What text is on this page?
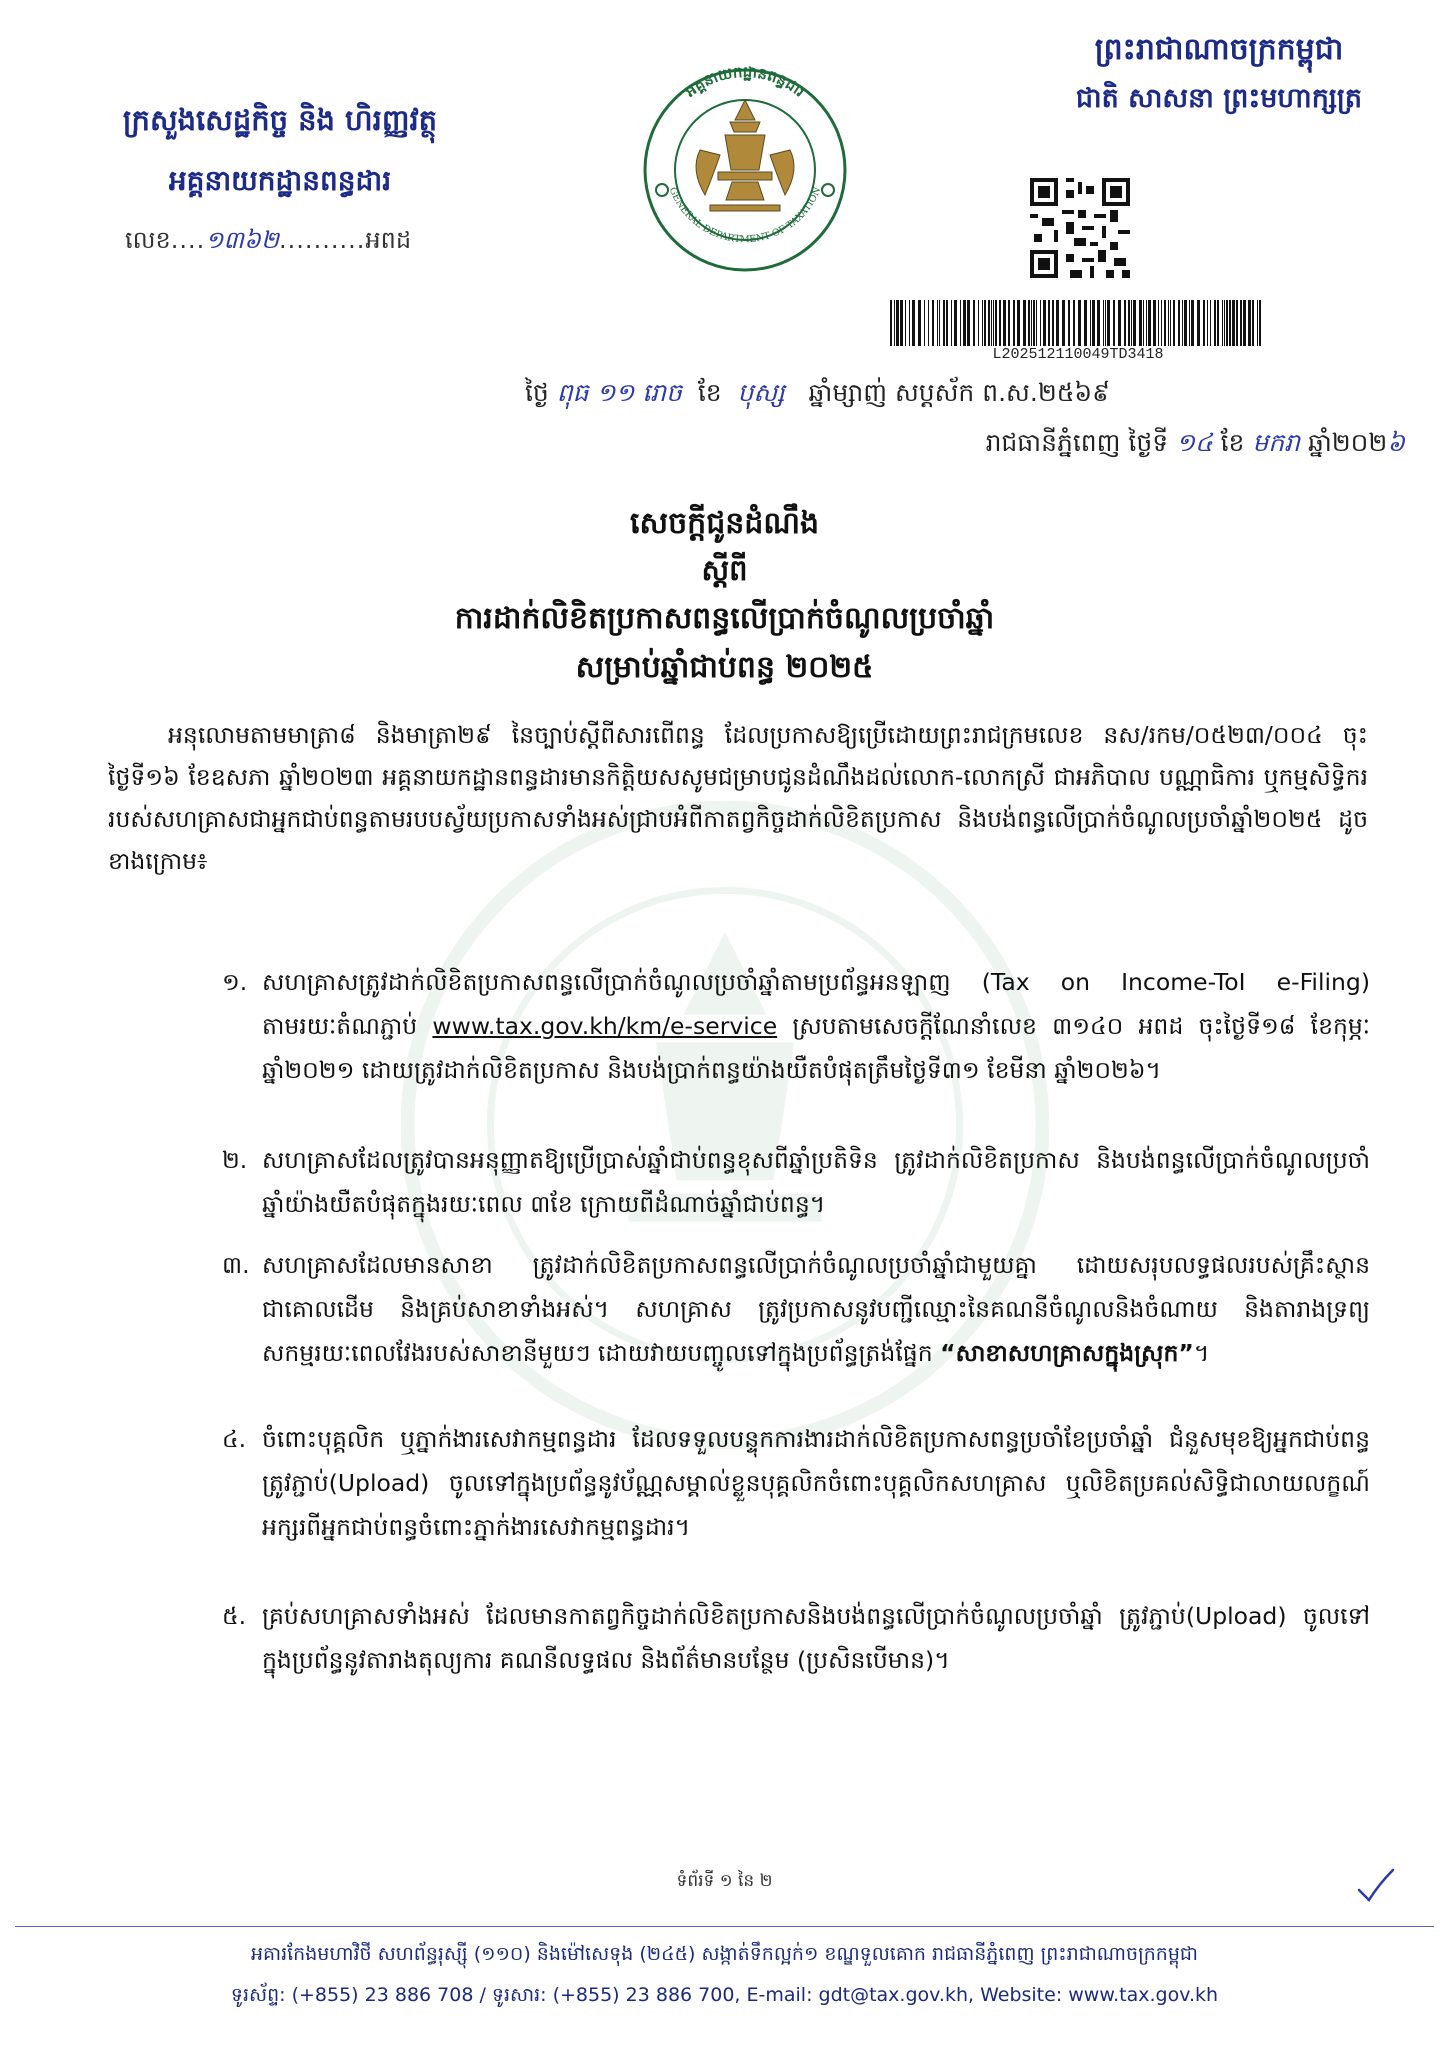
ព្រះរាជាណាចក្រកម្ពុជា
ជាតិ សាសនា ព្រះមហាក្សត្រ
ក្រសួងសេដ្ឋកិច្ច និង ហិរញ្ញវត្ថុ
អគ្គនាយកដ្ឋានពន្ធដារ
លេខ....១៣៦២..........អពដ
អគ្គនាយកដ្ឋានពន្ធដារ
GENERAL DEPARTMENT OF TAXATION
L202512110049TD3418
ថ្ងៃ ពុធ ១១ រោច ខែ បុស្ស ឆ្នាំម្សាញ់ សប្តស័ក ព.ស.២៥៦៩
រាជធានីភ្នំពេញ ថ្ងៃទី ១៤ ខែ មករា ឆ្នាំ២០២៦
សេចក្តីជូនដំណឹង
ស្តីពី
ការដាក់លិខិតប្រកាសពន្ធលើប្រាក់ចំណូលប្រចាំឆ្នាំ
សម្រាប់ឆ្នាំជាប់ពន្ធ ២០២៥
អនុលោមតាមមាត្រា៨ និងមាត្រា២៩ នៃច្បាប់ស្តីពីសារពើពន្ធ ដែលប្រកាសឱ្យប្រើដោយព្រះរាជក្រមលេខ នស/រកម/០៥២៣/០០៤ ចុះថ្ងៃទី១៦ ខែឧសភា ឆ្នាំ២០២៣ អគ្គនាយកដ្ឋានពន្ធដារមានកិត្តិយសសូមជម្រាបជូនដំណឹងដល់លោក-លោកស្រី ជាអភិបាល បណ្ណាធិការ ឬកម្មសិទ្ធិកររបស់សហគ្រាសជាអ្នកជាប់ពន្ធតាមរបបស្វ័យប្រកាសទាំងអស់ជ្រាបអំពីកាតព្វកិច្ចដាក់លិខិតប្រកាស និងបង់ពន្ធលើប្រាក់ចំណូលប្រចាំឆ្នាំ២០២៥ ដូចខាងក្រោម៖
១. សហគ្រាសត្រូវដាក់លិខិតប្រកាសពន្ធលើប្រាក់ចំណូលប្រចាំឆ្នាំតាមប្រព័ន្ធអនឡាញ (Tax on Income-ToI e-Filing) តាមរយៈតំណភ្ជាប់ www.tax.gov.kh/km/e-service ស្របតាមសេចក្តីណែនាំលេខ ៣១៤០ អពដ ចុះថ្ងៃទី១៨ ខែកុម្ភៈ ឆ្នាំ២០២១ ដោយត្រូវដាក់លិខិតប្រកាស និងបង់ប្រាក់ពន្ធយ៉ាងយឺតបំផុតត្រឹមថ្ងៃទី៣១ ខែមីនា ឆ្នាំ២០២៦។
២. សហគ្រាសដែលត្រូវបានអនុញ្ញាតឱ្យប្រើប្រាស់ឆ្នាំជាប់ពន្ធខុសពីឆ្នាំប្រតិទិន ត្រូវដាក់លិខិតប្រកាស និងបង់ពន្ធលើប្រាក់ចំណូលប្រចាំឆ្នាំយ៉ាងយឺតបំផុតក្នុងរយៈពេល ៣ខែ ក្រោយពីដំណាច់ឆ្នាំជាប់ពន្ធ។
៣. សហគ្រាសដែលមានសាខា ត្រូវដាក់លិខិតប្រកាសពន្ធលើប្រាក់ចំណូលប្រចាំឆ្នាំជាមួយគ្នា ដោយសរុបលទ្ធផលរបស់គ្រឹះស្ថានជាគោលដើម និងគ្រប់សាខាទាំងអស់។ សហគ្រាស ត្រូវប្រកាសនូវបញ្ជីឈ្មោះនៃគណនីចំណូលនិងចំណាយ និងតារាងទ្រព្យសកម្មរយៈពេលវែងរបស់សាខានីមួយៗ ដោយវាយបញ្ចូលទៅក្នុងប្រព័ន្ធត្រង់ផ្នែក “សាខាសហគ្រាសក្នុងស្រុក”។
៤. ចំពោះបុគ្គលិក ឬភ្នាក់ងារសេវាកម្មពន្ធដារ ដែលទទួលបន្ទុកការងារដាក់លិខិតប្រកាសពន្ធប្រចាំខែប្រចាំឆ្នាំ ជំនួសមុខឱ្យអ្នកជាប់ពន្ធ ត្រូវភ្ជាប់(Upload) ចូលទៅក្នុងប្រព័ន្ធនូវប័ណ្ណសម្គាល់ខ្លួនបុគ្គលិកចំពោះបុគ្គលិកសហគ្រាស ឬលិខិតប្រគល់សិទ្ធិជាលាយលក្ខណ៍អក្សរពីអ្នកជាប់ពន្ធចំពោះភ្នាក់ងារសេវាកម្មពន្ធដារ។
៥. គ្រប់សហគ្រាសទាំងអស់ ដែលមានកាតព្វកិច្ចដាក់លិខិតប្រកាសនិងបង់ពន្ធលើប្រាក់ចំណូលប្រចាំឆ្នាំ ត្រូវភ្ជាប់(Upload) ចូលទៅក្នុងប្រព័ន្ធនូវតារាងតុល្យការ គណនីលទ្ធផល និងព័ត៌មានបន្ថែម (ប្រសិនបើមាន)។
ទំព័រទី ១ នៃ ២
អគារកែងមហាវិថី សហព័ន្ធរុស្ស៊ី (១១០) និងម៉ៅសេទុង (២៤៥) សង្កាត់ទឹកល្អក់១ ខណ្ឌទួលគោក រាជធានីភ្នំពេញ ព្រះរាជាណាចក្រកម្ពុជា
ទូរស័ព្ទ: (+855) 23 886 708 / ទូរសារ: (+855) 23 886 700, E-mail: gdt@tax.gov.kh, Website: www.tax.gov.kh
